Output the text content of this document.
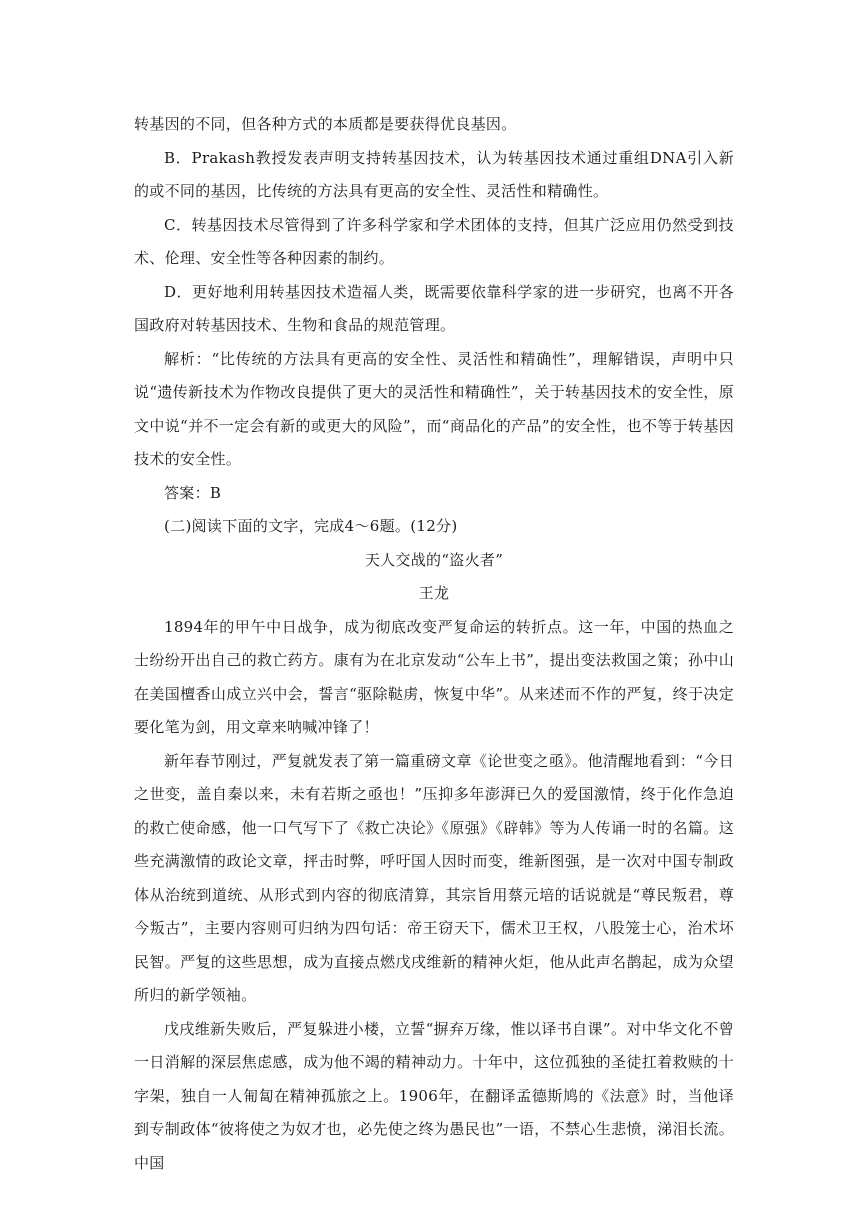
转基因的不同，但各种方式的本质都是要获得优良基因。

B．Prakash教授发表声明支持转基因技术，认为转基因技术通过重组DNA引入新的或不同的基因，比传统的方法具有更高的安全性、灵活性和精确性。

C．转基因技术尽管得到了许多科学家和学术团体的支持，但其广泛应用仍然受到技术、伦理、安全性等各种因素的制约。

D．更好地利用转基因技术造福人类，既需要依靠科学家的进一步研究，也离不开各国政府对转基因技术、生物和食品的规范管理。

解析：“比传统的方法具有更高的安全性、灵活性和精确性”，理解错误，声明中只说“遗传新技术为作物改良提供了更大的灵活性和精确性”，关于转基因技术的安全性，原文中说“并不一定会有新的或更大的风险”，而“商品化的产品”的安全性，也不等于转基因技术的安全性。

答案：B

(二)阅读下面的文字，完成4～6题。(12分)

天人交战的“盗火者”

王龙

1894年的甲午中日战争，成为彻底改变严复命运的转折点。这一年，中国的热血之士纷纷开出自己的救亡药方。康有为在北京发动“公车上书”，提出变法救国之策；孙中山在美国檀香山成立兴中会，誓言“驱除鞑虏，恢复中华”。从来述而不作的严复，终于决定要化笔为剑，用文章来呐喊冲锋了！

新年春节刚过，严复就发表了第一篇重磅文章《论世变之亟》。他清醒地看到：“今日之世变，盖自秦以来，未有若斯之亟也！”压抑多年澎湃已久的爱国激情，终于化作急迫的救亡使命感，他一口气写下了《救亡决论》《原强》《辟韩》等为人传诵一时的名篇。这些充满激情的政论文章，抨击时弊，呼吁国人因时而变，维新图强，是一次对中国专制政体从治统到道统、从形式到内容的彻底清算，其宗旨用蔡元培的话说就是“尊民叛君，尊今叛古”，主要内容则可归纳为四句话：帝王窃天下，儒术卫王权，八股笼士心，治术坏民智。严复的这些思想，成为直接点燃戊戌维新的精神火炬，他从此声名鹊起，成为众望所归的新学领袖。

戊戌维新失败后，严复躲进小楼，立誓“摒弃万缘，惟以译书自课”。对中华文化不曾一日消解的深层焦虑感，成为他不竭的精神动力。十年中，这位孤独的圣徒扛着救赎的十字架，独自一人匍匐在精神孤旅之上。1906年，在翻译孟德斯鸠的《法意》时，当他译到专制政体“彼将使之为奴才也，必先使之终为愚民也”一语，不禁心生悲愤，涕泪长流。中国
